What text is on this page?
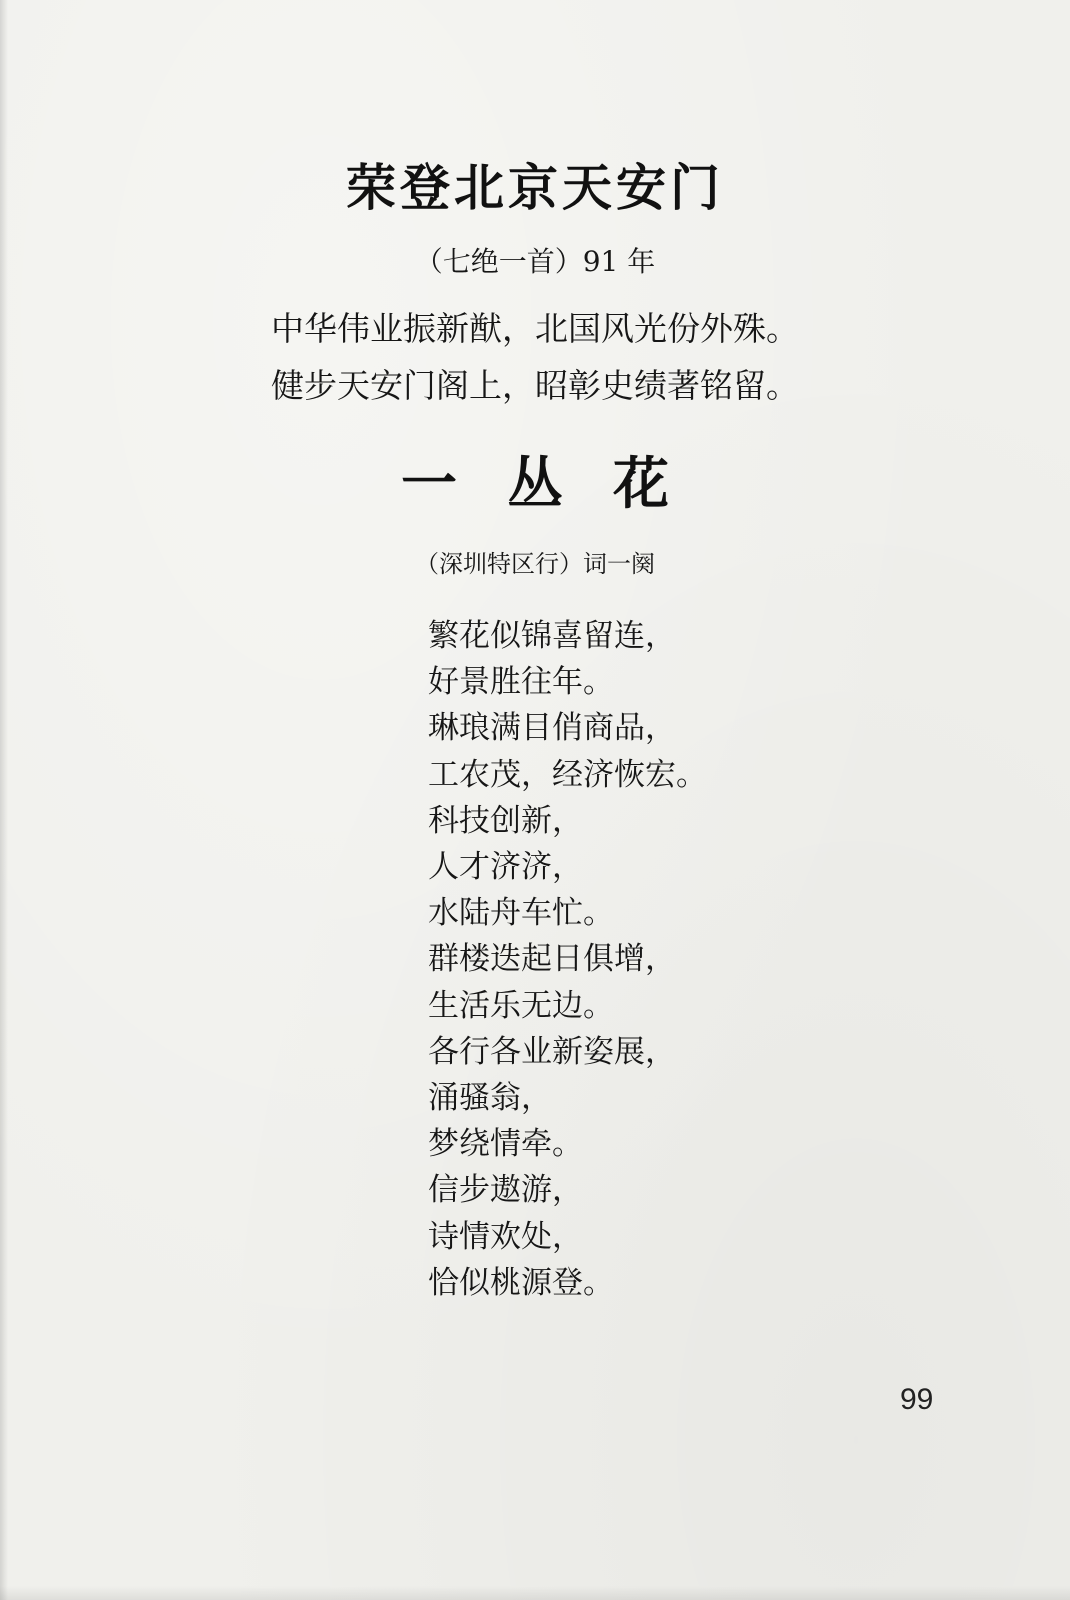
荣登北京天安门
（七绝一首）91 年
中华伟业振新猷，北国风光份外殊。
健步天安门阁上，昭彰史绩著铭留。
一丛花
（深圳特区行）词一阕
繁花似锦喜留连，
好景胜往年。
琳琅满目俏商品，
工农茂，经济恢宏。
科技创新，
人才济济，
水陆舟车忙。
群楼迭起日俱增，
生活乐无边。
各行各业新姿展，
涌骚翁，
梦绕情牵。
信步遨游，
诗情欢处，
恰似桃源登。
99
